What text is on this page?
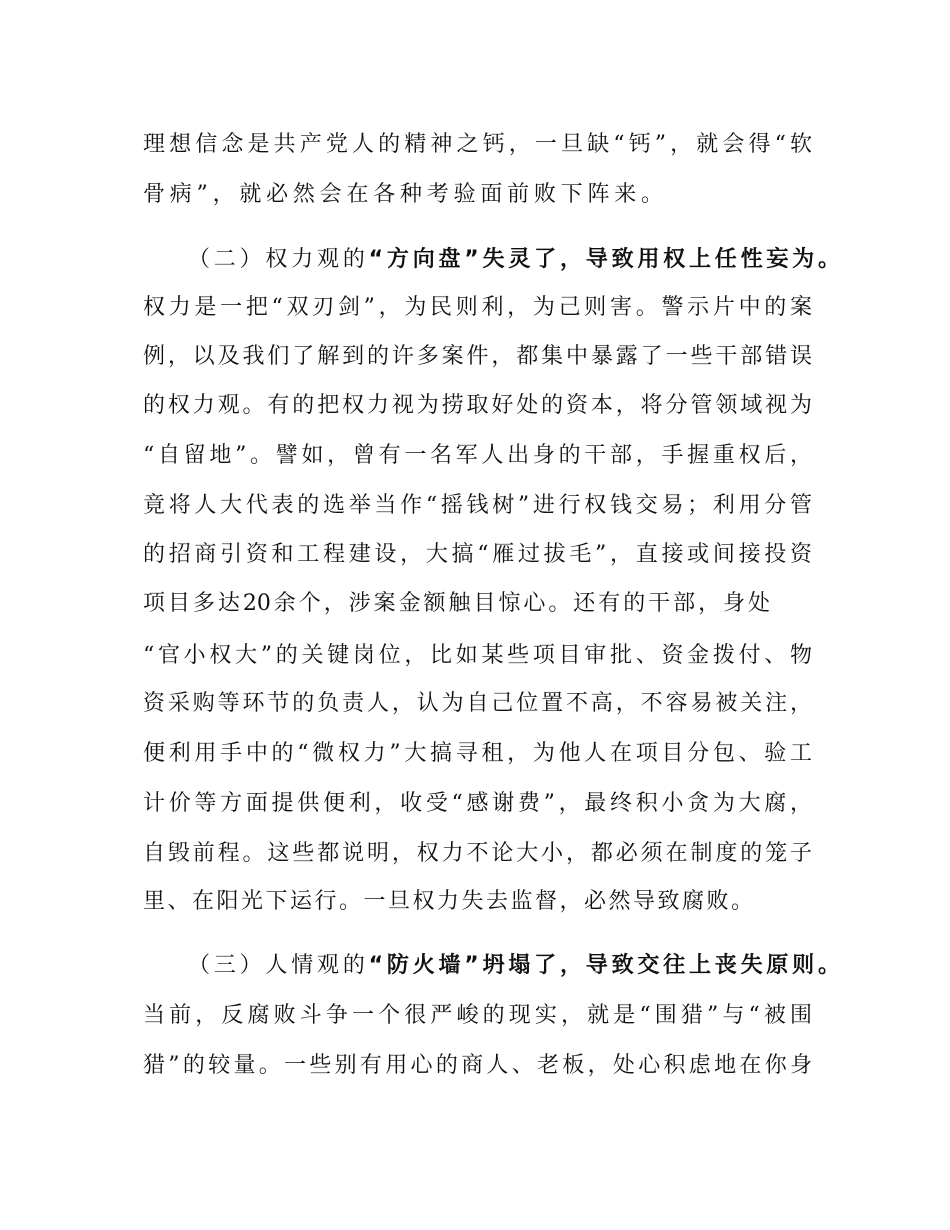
理想信念是共产党人的精神之钙，一旦缺“钙”，就会得“软
骨病”，就必然会在各种考验面前败下阵来。
（二）权力观的“方向盘”失灵了，导致用权上任性妄为。
权力是一把“双刃剑”，为民则利，为己则害。警示片中的案
例，以及我们了解到的许多案件，都集中暴露了一些干部错误
的权力观。有的把权力视为捞取好处的资本，将分管领域视为
“自留地”。譬如，曾有一名军人出身的干部，手握重权后，
竟将人大代表的选举当作“摇钱树”进行权钱交易；利用分管
的招商引资和工程建设，大搞“雁过拔毛”，直接或间接投资
项目多达20余个，涉案金额触目惊心。还有的干部，身处
“官小权大”的关键岗位，比如某些项目审批、资金拨付、物
资采购等环节的负责人，认为自己位置不高，不容易被关注，
便利用手中的“微权力”大搞寻租，为他人在项目分包、验工
计价等方面提供便利，收受“感谢费”，最终积小贪为大腐，
自毁前程。这些都说明，权力不论大小，都必须在制度的笼子
里、在阳光下运行。一旦权力失去监督，必然导致腐败。
（三）人情观的“防火墙”坍塌了，导致交往上丧失原则。
当前，反腐败斗争一个很严峻的现实，就是“围猎”与“被围
猎”的较量。一些别有用心的商人、老板，处心积虑地在你身
